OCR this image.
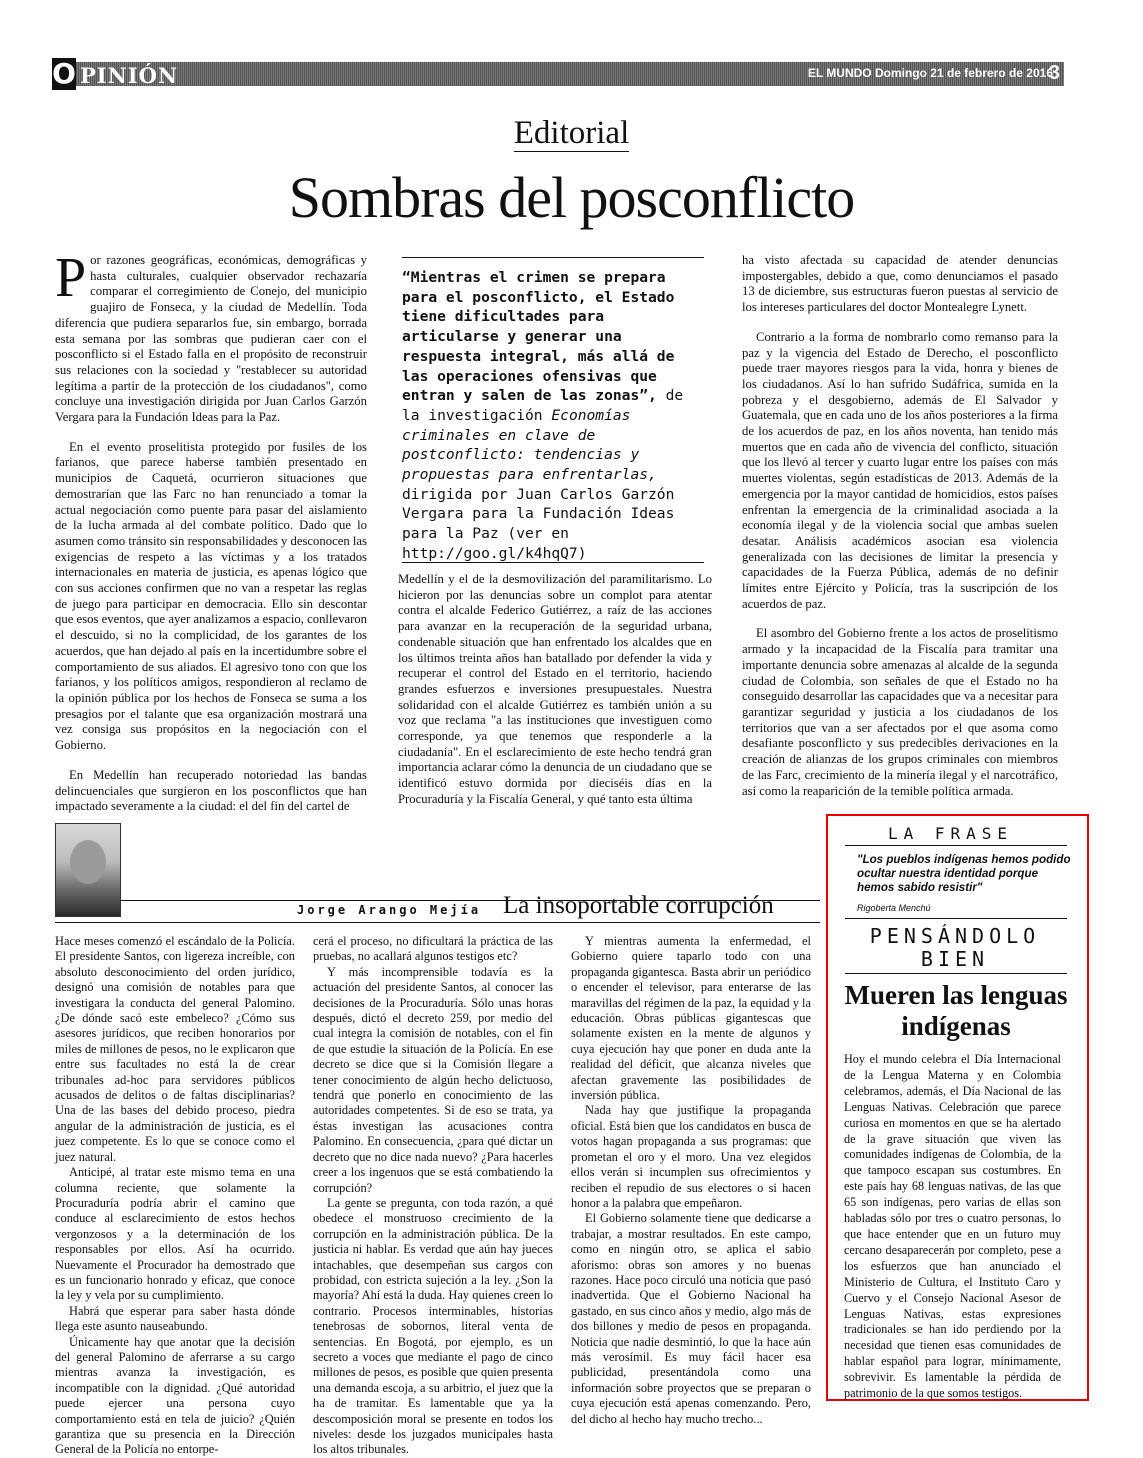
O PINIÓN	EL MUNDO Domingo 21 de febrero de 2016
3
Editorial
Sombras del posconflicto

Por razones geográficas, económicas, demográficas y hasta culturales, cualquier observador rechazaría comparar el corregimiento de Conejo, del municipio guajiro de Fonseca, y la ciudad de Medellín. Toda diferencia que pudiera separarlos fue, sin embargo, borrada esta semana por las sombras que pudieran caer con el posconflicto si el Estado falla en el propósito de reconstruir sus relaciones con la sociedad y "restablecer su autoridad legítima a partir de la protección de los ciudadanos", como concluye una investigación dirigida por Juan Carlos Garzón Vergara para la Fundación Ideas para la Paz.

En el evento proselitista protegido por fusiles de los farianos, que parece haberse también presentado en municipios de Caquetá, ocurrieron situaciones que demostrarían que las Farc no han renunciado a tomar la actual negociación como puente para pasar del aislamiento de la lucha armada al del combate político. Dado que lo asumen como tránsito sin responsabilidades y desconocen las exigencias de respeto a las víctimas y a los tratados internacionales en materia de justicia, es apenas lógico que con sus acciones confirmen que no van a respetar las reglas de juego para participar en democracia. Ello sin descontar que esos eventos, que ayer analizamos a espacio, conllevaron el descuido, si no la complicidad, de los garantes de los acuerdos, que han dejado al país en la incertidumbre sobre el comportamiento de sus aliados. El agresivo tono con que los farianos, y los políticos amigos, respondieron al reclamo de la opinión pública por los hechos de Fonseca se suma a los presagios por el talante que esa organización mostrará una vez consiga sus propósitos en la negociación con el Gobierno.

En Medellín han recuperado notoriedad las bandas delincuenciales que surgieron en los posconflictos que han impactado severamente a la ciudad: el del fin del cartel de

“Mientras el crimen se prepara para el posconflicto, el Estado tiene dificultades para articularse y generar una respuesta integral, más allá de las operaciones ofensivas que entran y salen de las zonas”, de la investigación Economías criminales en clave de postconflicto: tendencias y propuestas para enfrentarlas, dirigida por Juan Carlos Garzón Vergara para la Fundación Ideas para la Paz (ver en http://goo.gl/k4hqQ7)

Medellín y el de la desmovilización del paramilitarismo. Lo hicieron por las denuncias sobre un complot para atentar contra el alcalde Federico Gutiérrez, a raíz de las acciones para avanzar en la recuperación de la seguridad urbana, condenable situación que han enfrentado los alcaldes que en los últimos treinta años han batallado por defender la vida y recuperar el control del Estado en el territorio, haciendo grandes esfuerzos e inversiones presupuestales. Nuestra solidaridad con el alcalde Gutiérrez es también unión a su voz que reclama "a las instituciones que investiguen como corresponde, ya que tenemos que responderle a la ciudadanía". En el esclarecimiento de este hecho tendrá gran importancia aclarar cómo la denuncia de un ciudadano que se identificó estuvo dormida por dieciséis días en la Procuraduría y la Fiscalía General, y qué tanto esta última

ha visto afectada su capacidad de atender denuncias impostergables, debido a que, como denunciamos el pasado 13 de diciembre, sus estructuras fueron puestas al servicio de los intereses particulares del doctor Montealegre Lynett.

Contrario a la forma de nombrarlo como remanso para la paz y la vigencia del Estado de Derecho, el posconflicto puede traer mayores riesgos para la vida, honra y bienes de los ciudadanos. Así lo han sufrido Sudáfrica, sumida en la pobreza y el desgobierno, además de El Salvador y Guatemala, que en cada uno de los años posteriores a la firma de los acuerdos de paz, en los años noventa, han tenido más muertos que en cada año de vivencia del conflicto, situación que los llevó al tercer y cuarto lugar entre los países con más muertes violentas, según estadísticas de 2013. Además de la emergencia por la mayor cantidad de homicidios, estos países enfrentan la emergencia de la criminalidad asociada a la economía ilegal y de la violencia social que ambas suelen desatar. Análisis académicos asocian esa violencia generalizada con las decisiones de limitar la presencia y capacidades de la Fuerza Pública, además de no definir límites entre Ejército y Policía, tras la suscripción de los acuerdos de paz.

El asombro del Gobierno frente a los actos de proselitismo armado y la incapacidad de la Fiscalía para tramitar una importante denuncia sobre amenazas al alcalde de la segunda ciudad de Colombia, son señales de que el Estado no ha conseguido desarrollar las capacidades que va a necesitar para garantizar seguridad y justicia a los ciudadanos de los territorios que van a ser afectados por el que asoma como desafiante posconflicto y sus predecibles derivaciones en la creación de alianzas de los grupos criminales con miembros de las Farc, crecimiento de la minería ilegal y el narcotráfico, así como la reaparición de la temible política armada.

Jorge Arango Mejía La insoportable corrupción

Hace meses comenzó el escándalo de la Policía. El presidente Santos, con ligereza increíble, con absoluto desconocimiento del orden jurídico, designó una comisión de notables para que investigara la conducta del general Palomino. ¿De dónde sacó este embeleco? ¿Cómo sus asesores jurídicos, que reciben honorarios por miles de millones de pesos, no le explicaron que entre sus facultades no está la de crear tribunales ad-hoc para servidores públicos acusados de delitos o de faltas disciplinarias? Una de las bases del debido proceso, piedra angular de la administración de justicia, es el juez competente. Es lo que se conoce como el juez natural.

Anticipé, al tratar este mismo tema en una columna reciente, que solamente la Procuraduría podría abrir el camino que conduce al esclarecimiento de estos hechos vergonzosos y a la determinación de los responsables por ellos. Así ha ocurrido. Nuevamente el Procurador ha demostrado que es un funcionario honrado y eficaz, que conoce la ley y vela por su cumplimiento.

Habrá que esperar para saber hasta dónde llega este asunto nauseabundo.

Únicamente hay que anotar que la decisión del general Palomino de aferrarse a su cargo mientras avanza la investigación, es incompatible con la dignidad. ¿Qué autoridad puede ejercer una persona cuyo comportamiento está en tela de juicio? ¿Quién garantiza que su presencia en la Dirección General de la Policía no entorpe-

cerá el proceso, no dificultará la práctica de las pruebas, no acallará algunos testigos etc?

Y más incomprensible todavía es la actuación del presidente Santos, al conocer las decisiones de la Procuraduría. Sólo unas horas después, dictó el decreto 259, por medio del cual integra la comisión de notables, con el fin de que estudie la situación de la Policía. En ese decreto se dice que si la Comisión llegare a tener conocimiento de algún hecho delictuoso, tendrá que ponerlo en conocimiento de las autoridades competentes. Si de eso se trata, ya éstas investigan las acusaciones contra Palomino. En consecuencia, ¿para qué dictar un decreto que no dice nada nuevo? ¿Para hacerles creer a los ingenuos que se está combatiendo la corrupción?

La gente se pregunta, con toda razón, a qué obedece el monstruoso crecimiento de la corrupción en la administración pública. De la justicia ni hablar. Es verdad que aún hay jueces intachables, que desempeñan sus cargos con probidad, con estricta sujeción a la ley. ¿Son la mayoría? Ahí está la duda. Hay quienes creen lo contrario. Procesos interminables, historias tenebrosas de sobornos, literal venta de sentencias. En Bogotá, por ejemplo, es un secreto a voces que mediante el pago de cinco millones de pesos, es posible que quien presenta una demanda escoja, a su arbitrio, el juez que la ha de tramitar. Es lamentable que ya la descomposición moral se presente en todos los niveles: desde los juzgados municipales hasta los altos tribunales.

Y mientras aumenta la enfermedad, el Gobierno quiere taparlo todo con una propaganda gigantesca. Basta abrir un periódico o encender el televisor, para enterarse de las maravillas del régimen de la paz, la equidad y la educación. Obras públicas gigantescas que solamente existen en la mente de algunos y cuya ejecución hay que poner en duda ante la realidad del déficit, que alcanza niveles que afectan gravemente las posibilidades de inversión pública.

Nada hay que justifique la propaganda oficial. Está bien que los candidatos en busca de votos hagan propaganda a sus programas: que prometan el oro y el moro. Una vez elegidos ellos verán si incumplen sus ofrecimientos y reciben el repudio de sus electores o si hacen honor a la palabra que empeñaron.

El Gobierno solamente tiene que dedicarse a trabajar, a mostrar resultados. En este campo, como en ningún otro, se aplica el sabio aforismo: obras son amores y no buenas razones. Hace poco circuló una noticia que pasó inadvertida. Que el Gobierno Nacional ha gastado, en sus cinco años y medio, algo más de dos billones y medio de pesos en propaganda. Noticia que nadie desmintió, lo que la hace aún más verosímil. Es muy fácil hacer esa publicidad, presentándola como una información sobre proyectos que se preparan o cuya ejecución está apenas comenzando. Pero, del dicho al hecho hay mucho trecho...

LA FRASE
"Los pueblos indígenas hemos podido ocultar nuestra identidad porque hemos sabido resistir"
Rigoberta Menchú
PENSÁNDOLO
BIEN
Mueren las lenguas indígenas
Hoy el mundo celebra el Día Internacional de la Lengua Materna y en Colombia celebramos, además, el Día Nacional de las Lenguas Nativas. Celebración que parece curiosa en momentos en que se ha alertado de la grave situación que viven las comunidades indígenas de Colombia, de la que tampoco escapan sus costumbres. En este país hay 68 lenguas nativas, de las que 65 son indígenas, pero varias de ellas son habladas sólo por tres o cuatro personas, lo que hace entender que en un futuro muy cercano desaparecerán por completo, pese a los esfuerzos que han anunciado el Ministerio de Cultura, el Instituto Caro y Cuervo y el Consejo Nacional Asesor de Lenguas Nativas, estas expresiones tradicionales se han ido perdiendo por la necesidad que tienen esas comunidades de hablar español para lograr, mínimamente, sobrevivir. Es lamentable la pérdida de patrimonio de la que somos testigos.
